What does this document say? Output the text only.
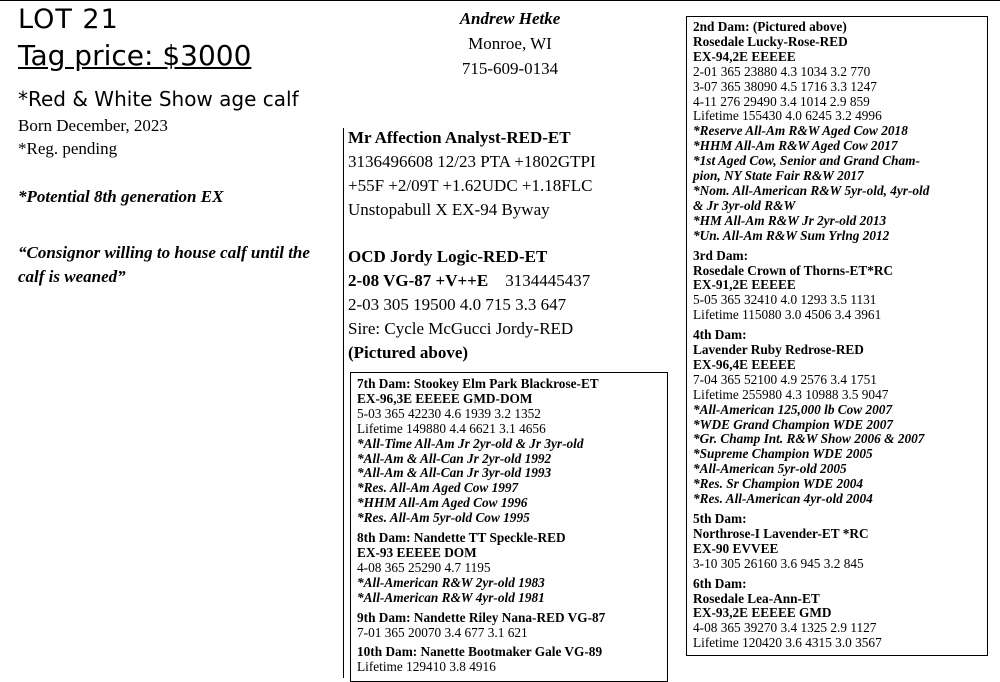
LOT 21
Tag price: $3000
*Red & White Show age calf
Born December, 2023
*Reg. pending
*Potential 8th generation EX
“Consignor willing to house calf until the calf is weaned”
Andrew Hetke
Monroe, WI
715-609-0134
Mr Affection Analyst-RED-ET
3136496608 12/23 PTA +1802GTPI
+55F +2/09T +1.62UDC +1.18FLC
Unstopabull X EX-94 Byway
OCD Jordy Logic-RED-ET
2-08 VG-87 +V++E 3134445437
2-03 305 19500 4.0 715 3.3 647
Sire: Cycle McGucci Jordy-RED
(Pictured above)
7th Dam: Stookey Elm Park Blackrose-ET
EX-96,3E EEEEE GMD-DOM
5-03 365 42230 4.6 1939 3.2 1352
Lifetime 149880 4.4 6621 3.1 4656
*All-Time All-Am Jr 2yr-old & Jr 3yr-old
*All-Am & All-Can Jr 2yr-old 1992
*All-Am & All-Can Jr 3yr-old 1993
*Res. All-Am Aged Cow 1997
*HHM All-Am Aged Cow 1996
*Res. All-Am 5yr-old Cow 1995
8th Dam: Nandette TT Speckle-RED
EX-93 EEEEE DOM
4-08 365 25290 4.7 1195
*All-American R&W 2yr-old 1983
*All-American R&W 4yr-old 1981
9th Dam: Nandette Riley Nana-RED VG-87
7-01 365 20070 3.4 677 3.1 621
10th Dam: Nanette Bootmaker Gale VG-89
Lifetime 129410 3.8 4916
2nd Dam: (Pictured above)
Rosedale Lucky-Rose-RED
EX-94,2E EEEEE
2-01 365 23880 4.3 1034 3.2 770
3-07 365 38090 4.5 1716 3.3 1247
4-11 276 29490 3.4 1014 2.9 859
Lifetime 155430 4.0 6245 3.2 4996
*Reserve All-Am R&W Aged Cow 2018
*HHM All-Am R&W Aged Cow 2017
*1st Aged Cow, Senior and Grand Cham-
pion, NY State Fair R&W 2017
*Nom. All-American R&W 5yr-old, 4yr-old
& Jr 3yr-old R&W
*HM All-Am R&W Jr 2yr-old 2013
*Un. All-Am R&W Sum Yrlng 2012
3rd Dam:
Rosedale Crown of Thorns-ET*RC
EX-91,2E EEEEE
5-05 365 32410 4.0 1293 3.5 1131
Lifetime 115080 3.0 4506 3.4 3961
4th Dam:
Lavender Ruby Redrose-RED
EX-96,4E EEEEE
7-04 365 52100 4.9 2576 3.4 1751
Lifetime 255980 4.3 10988 3.5 9047
*All-American 125,000 lb Cow 2007
*WDE Grand Champion WDE 2007
*Gr. Champ Int. R&W Show 2006 & 2007
*Supreme Champion WDE 2005
*All-American 5yr-old 2005
*Res. Sr Champion WDE 2004
*Res. All-American 4yr-old 2004
5th Dam:
Northrose-I Lavender-ET *RC
EX-90 EVVEE
3-10 305 26160 3.6 945 3.2 845
6th Dam:
Rosedale Lea-Ann-ET
EX-93,2E EEEEE GMD
4-08 365 39270 3.4 1325 2.9 1127
Lifetime 120420 3.6 4315 3.0 3567
